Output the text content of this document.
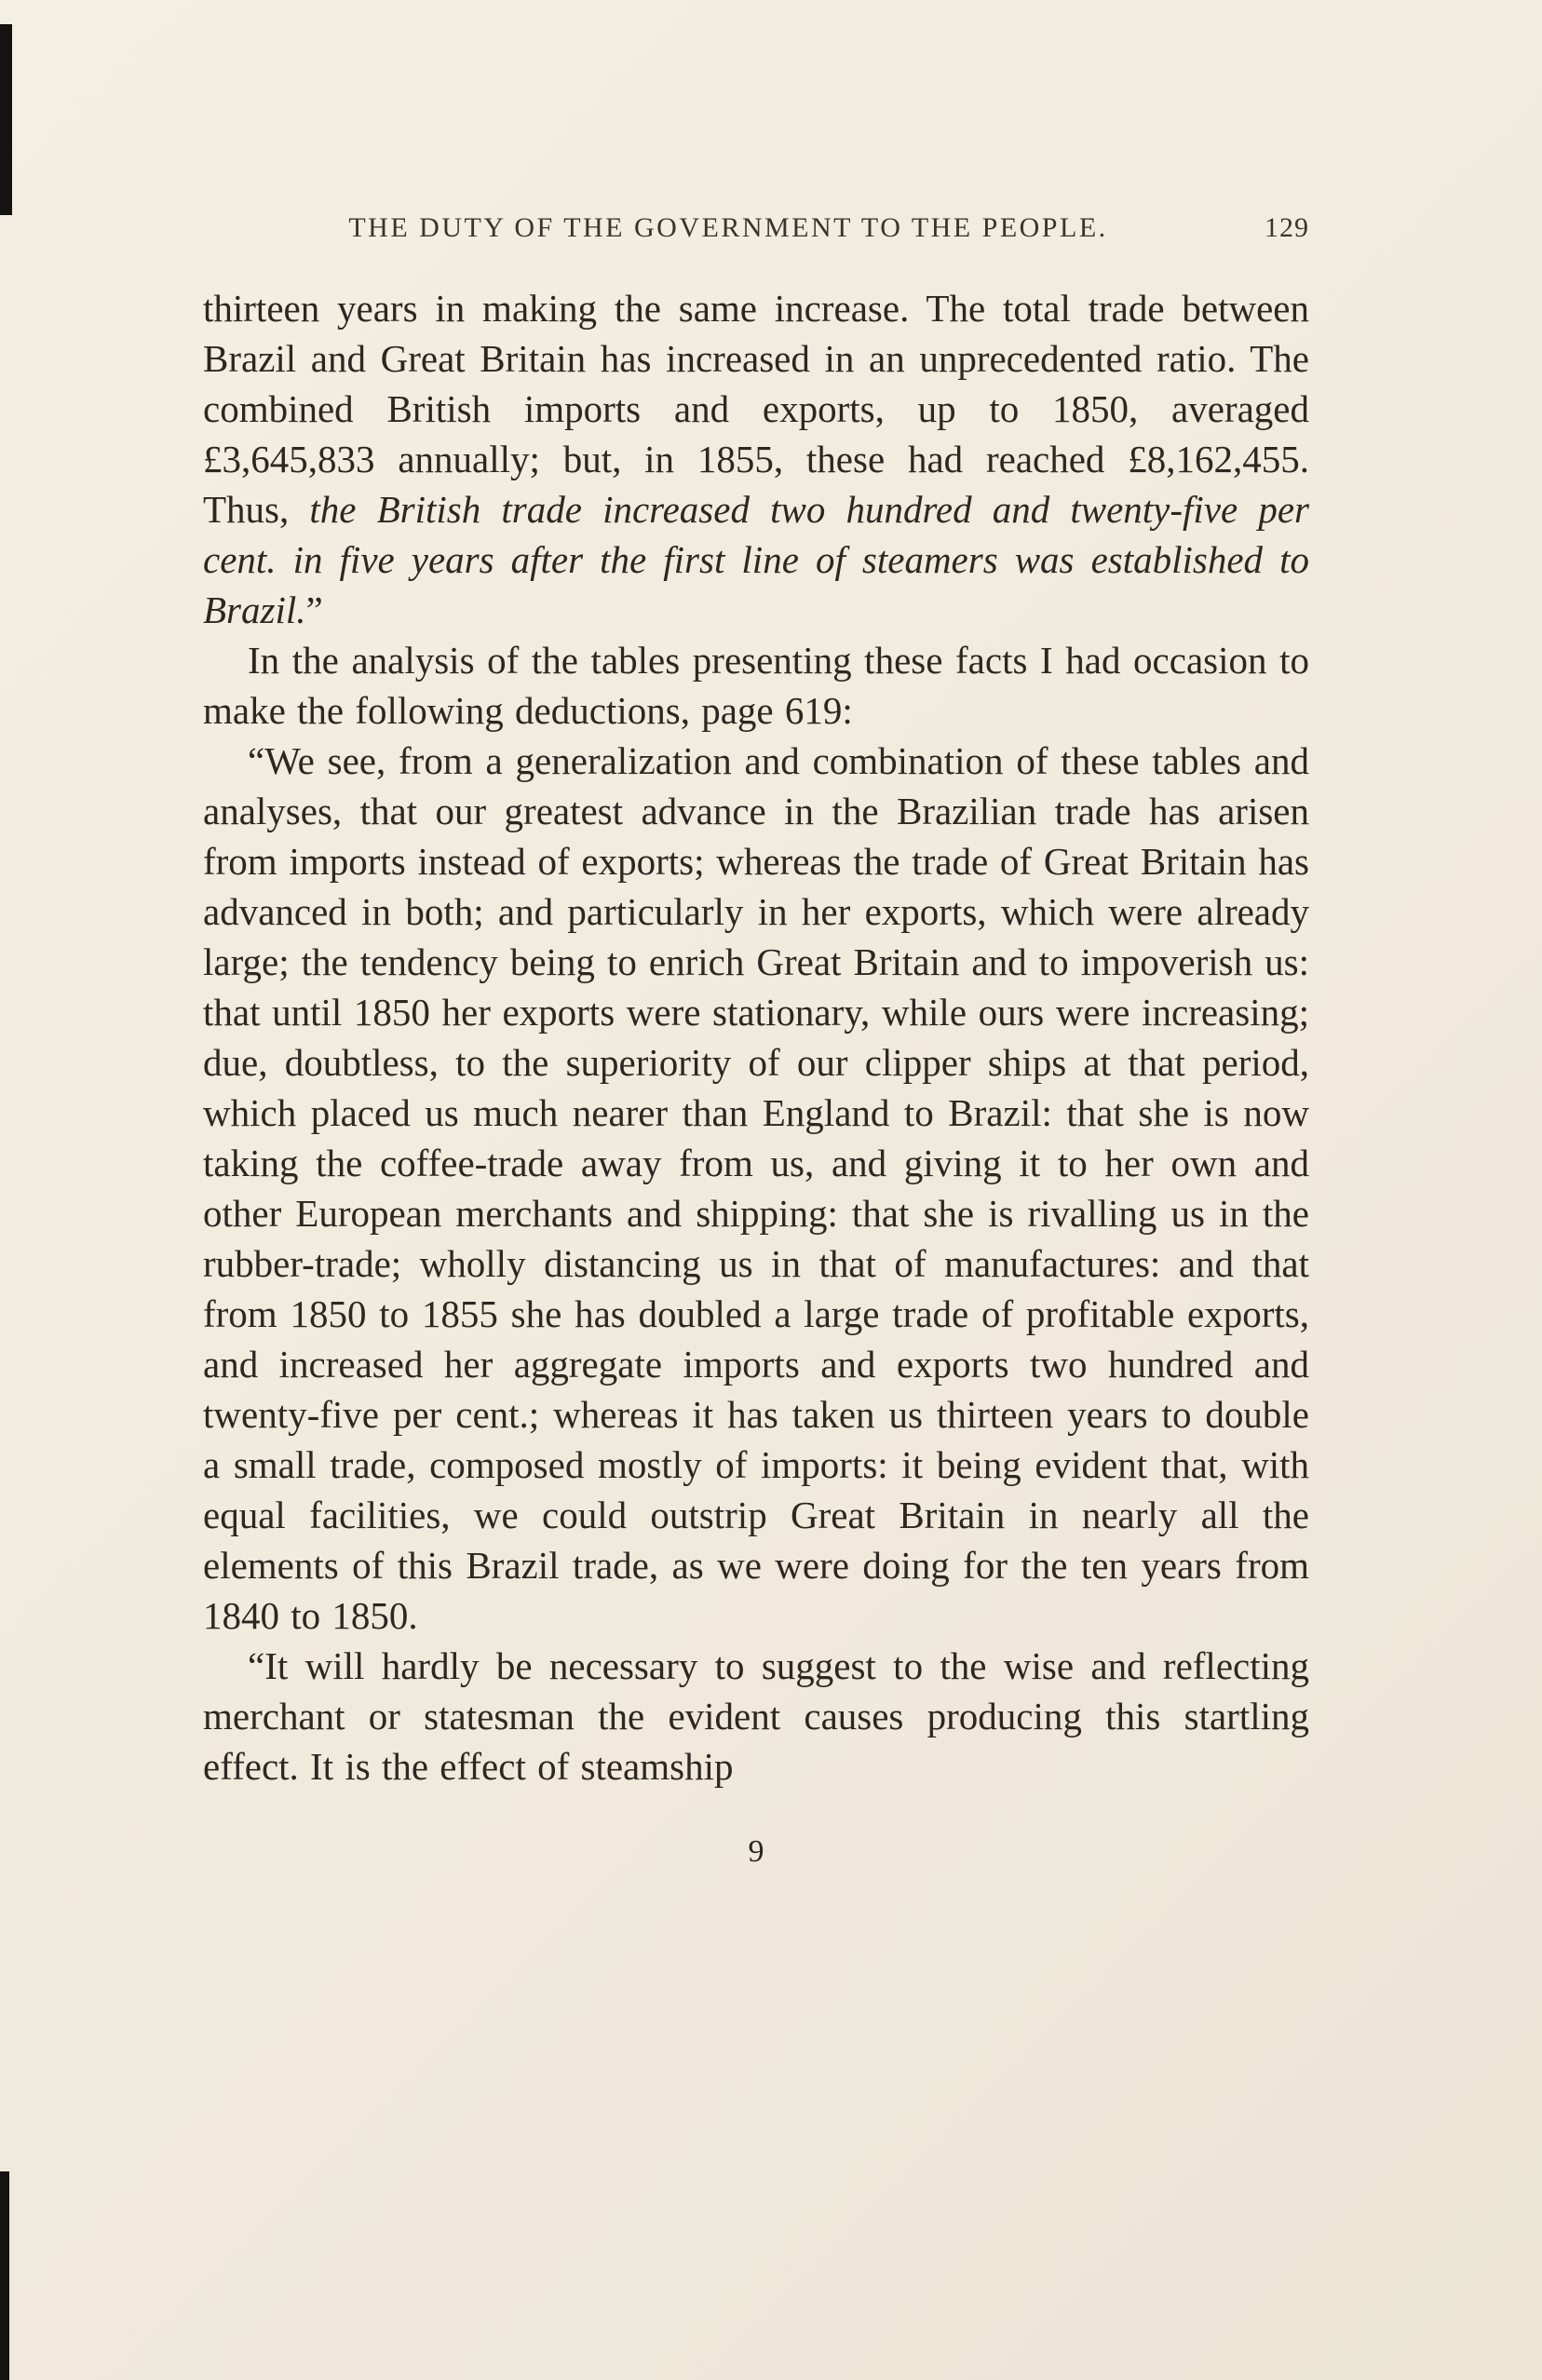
THE DUTY OF THE GOVERNMENT TO THE PEOPLE.	129

thirteen years in making the same increase. The total trade between Brazil and Great Britain has increased in an unprecedented ratio. The combined British imports and exports, up to 1850, averaged £3,645,833 annually; but, in 1855, these had reached £8,162,455. Thus, the British trade increased two hundred and twenty-five per cent. in five years after the first line of steamers was established to Brazil.”

In the analysis of the tables presenting these facts I had occasion to make the following deductions, page 619:

“We see, from a generalization and combination of these tables and analyses, that our greatest advance in the Brazilian trade has arisen from imports instead of exports; whereas the trade of Great Britain has advanced in both; and particularly in her exports, which were already large; the tendency being to enrich Great Britain and to impoverish us: that until 1850 her exports were stationary, while ours were increasing; due, doubtless, to the superiority of our clipper ships at that period, which placed us much nearer than England to Brazil: that she is now taking the coffee-trade away from us, and giving it to her own and other European merchants and shipping: that she is rivalling us in the rubber-trade; wholly distancing us in that of manufactures: and that from 1850 to 1855 she has doubled a large trade of profitable exports, and increased her aggregate imports and exports two hundred and twenty-five per cent.; whereas it has taken us thirteen years to double a small trade, composed mostly of imports: it being evident that, with equal facilities, we could outstrip Great Britain in nearly all the elements of this Brazil trade, as we were doing for the ten years from 1840 to 1850.

“It will hardly be necessary to suggest to the wise and reflecting merchant or statesman the evident causes producing this startling effect. It is the effect of steamship

9
